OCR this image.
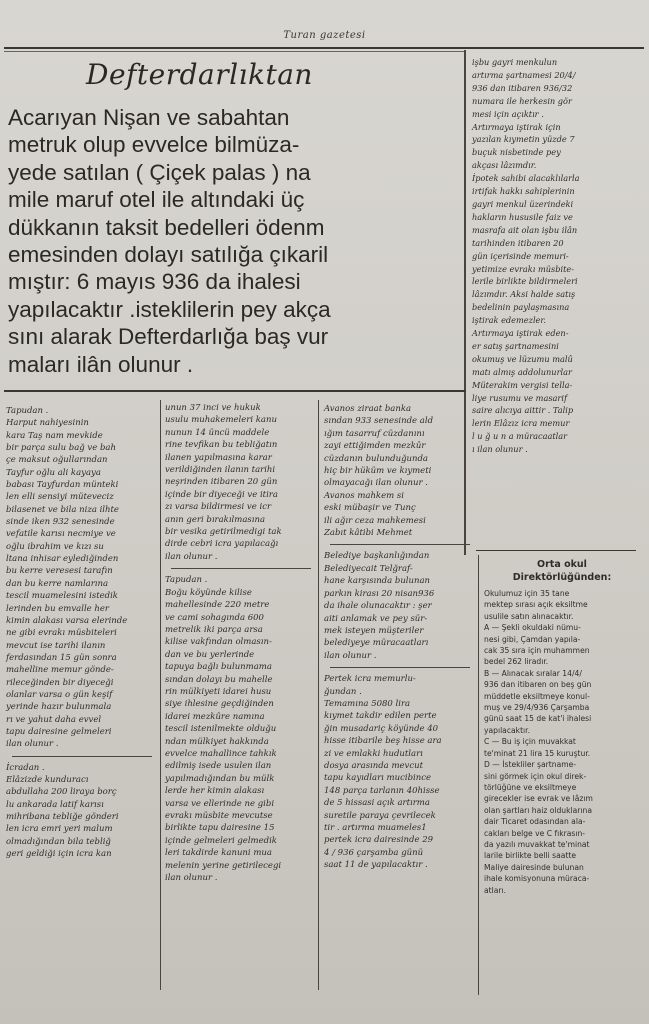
Turan gazetesi
Defterdarlıktan

Acarıyan Nişan ve sabahtan
metruk olup evvelce bilmüza-
yede satılan ( Çiçek palas ) na
mile maruf otel ile altındaki üç
dükkanın taksit bedelleri ödenm
emesinden dolayı satılığa çıkaril
mıştır: 6 mayıs 936 da ihalesi
yapılacaktır .isteklilerin pey akça
sını alarak Defterdarlığa baş vur
maları ilân olunur .

işbu gayri menkulun
artırma şartnamesi 20/4/
936 dan itibaren 936/32
numara ile herkesin gör
mesi için açıktır .
Artırmaya iştirak için
yazılan kıymetin yüzde 7
buçuk nisbetinde pey
akçası lâzımdır.
İpotek sahibi alacaklılarla
irtifak hakkı sahiplerinin
gayri menkul üzerindeki
hakların hususile faiz ve
masrafa ait olan işbu ilân
tarihinden itibaren 20
gün içerisinde memuri-
yetimize evrakı müsbite-
lerile birlikte bildirmeleri
lâzımdır. Aksi halde satış
bedelinin paylaşmasına
iştirak edemezler.
Artırmaya iştirak eden-
er satış şartnamesini
okumuş ve lüzumu malû
matı almış addolunurlar
Müterakim vergisi tella-
liye rusumu ve masarif
saire alıcıya aittir . Talip
lerin Elâzız icra memur
l u ğ u n a müracaatlar
ı ilan olunur .

Tapudan .
Harput nahiyesinin
kara Taş nam mevkide
bir parça sulu bağ ve bah
çe maksut oğullarından
Tayfur oğlu ali kayaya
babası Tayfurdan münteki
len elli sensiyi müteveciz
bilasenet ve bila niza ilhte
sinde iken 932 senesinde
vefatile karısı necmiye ve
oğlu ibrahim ve kızı su
ltana inhisar eylediğinden
bu kerre veresesi tarafın
dan bu kerre namlarına
tescil muamelesini istedik
lerinden bu emvalle her
kimin alakası varsa elerinde
ne gibi evrakı müsbiteleri
mevcut ise tarihi ilanın
ferdasından 15 gün sonra
mahelline memur gönde-
rileceğinden bir diyeceği
olanlar varsa o gün keşif
yerinde hazır bulunmala
rı ve yahut daha evvel
tapu dairesine gelmeleri
ilan olunur .

İcradan .
Elâzizde kunduracı
abdullaha 200 liraya borç
lu ankarada latif karısı
mihribana tebliğe gönderi
len icra emri yeri malum
olmadığından bila tebliğ
geri geldiği için icra kan

unun 37 inci ve hukuk
usulu muhakemeleri kanu
nunun 14 üncü maddele
rine tevfikan bu tebliğatın
ilanen yapılmasına karar
verildiğinden ilanın tarihi
neşrinden itibaren 20 gün
içinde bir diyeceği ve itira
zı varsa bildirmesi ve icr
anın geri bırakılmasına
bir vesika getirilmedigi tak
dirde cebri icra yapılacağı
ilan olunur .

Tapudan .
Boğu köyünde kilise
mahellesinde 220 metre
ve cami sohagında 600
metrelik iki parça arsa
kilise vakfından olmasın-
dan ve bu yerlerinde
tapuya bağlı bulunmama
sından dolayı bu mahelle
rin mülkiyeti idarei husu
siye ihlesine geçdiğinden
idarei mezkûre namına
tescil istenilmekte olduğu
ndan mülkiyet hakkında
evvelce mahallince tahkık
edilmiş isede usulen ilan
yapılmadığından bu mülk
lerde her kimin alakası
varsa ve ellerinde ne gibi
evrakı müsbite mevcutse
birlikte tapu dairesine 15
içinde gelmeleri gelmedik
leri takdirde kanuni mua
melenin yerine getirilecegi
ilan olunur .

Avanos ziraat banka
sından 933 senesinde ald
ığım tasarruf cüzdanını
zayi ettiğimden mezkûr
cüzdanın bulunduğunda
hiç bir hüküm ve kıymeti
olmayacağı ilan olunur .
Avanos mahkem si
eski mübaşir ve Tunç
ili ağır ceza mahkemesi
Zabıt kâtibi Mehmet

Belediye başkanlığından
Belediyecait Telğraf-
hane karşısında bulunan
parkın kirası 20 nisan936
da ihale olunacaktır : şer
aiti anlamak ve pey sür-
mek isteyen müşteriler
belediyeye müracaatları
ilan olunur .

Pertek icra memurlu-
ğundan .
Temamına 5080 lira
kıymet takdir edilen perte
ğin musadariç köyünde 40
hisse itibarile beş hisse ara
zi ve emlakki hudutları
dosya arasında mevcut
tapu kayıdları mucibince
148 parça tarlanın 40hisse
de 5 hissasi açık artırma
suretile paraya çevrilecek
tir . artırma muameles1
pertek icra dairesinde 29
4 / 936 çarşamba günü
saat 11 de yapılacaktır .

Orta okul
Direktörlüğünden:

Okulumuz için 35 tane
mektep sırası açık eksiltme
usulile satın alınacaktır.
A — Şekli okuldaki nümu-
nesi gibi, Çamdan yapıla-
cak 35 sıra için muhammen
bedel 262 liradır.
B — Alınacak sıralar 14/4/
936 dan itibaren on beş gün
müddetle eksiltmeye konul-
muş ve 29/4/936 Çarşamba
günü saat 15 de kat'i ihalesi
yapılacaktır.
C — Bu iş için muvakkat
te'minat 21 lira 15 kuruştur.
D — İstekliler şartname-
sini görmek için okul direk-
törlüğüne ve eksiltmeye
girecekler ise evrak ve lâzım
olan şartları haiz olduklarına
dair Ticaret odasından ala-
cakları belge ve C fıkrasın-
da yazılı muvakkat te'minat
larile birlikte belli saatte
Maliye dairesinde bulunan
ihale komisyonuna müraca-
atları.
